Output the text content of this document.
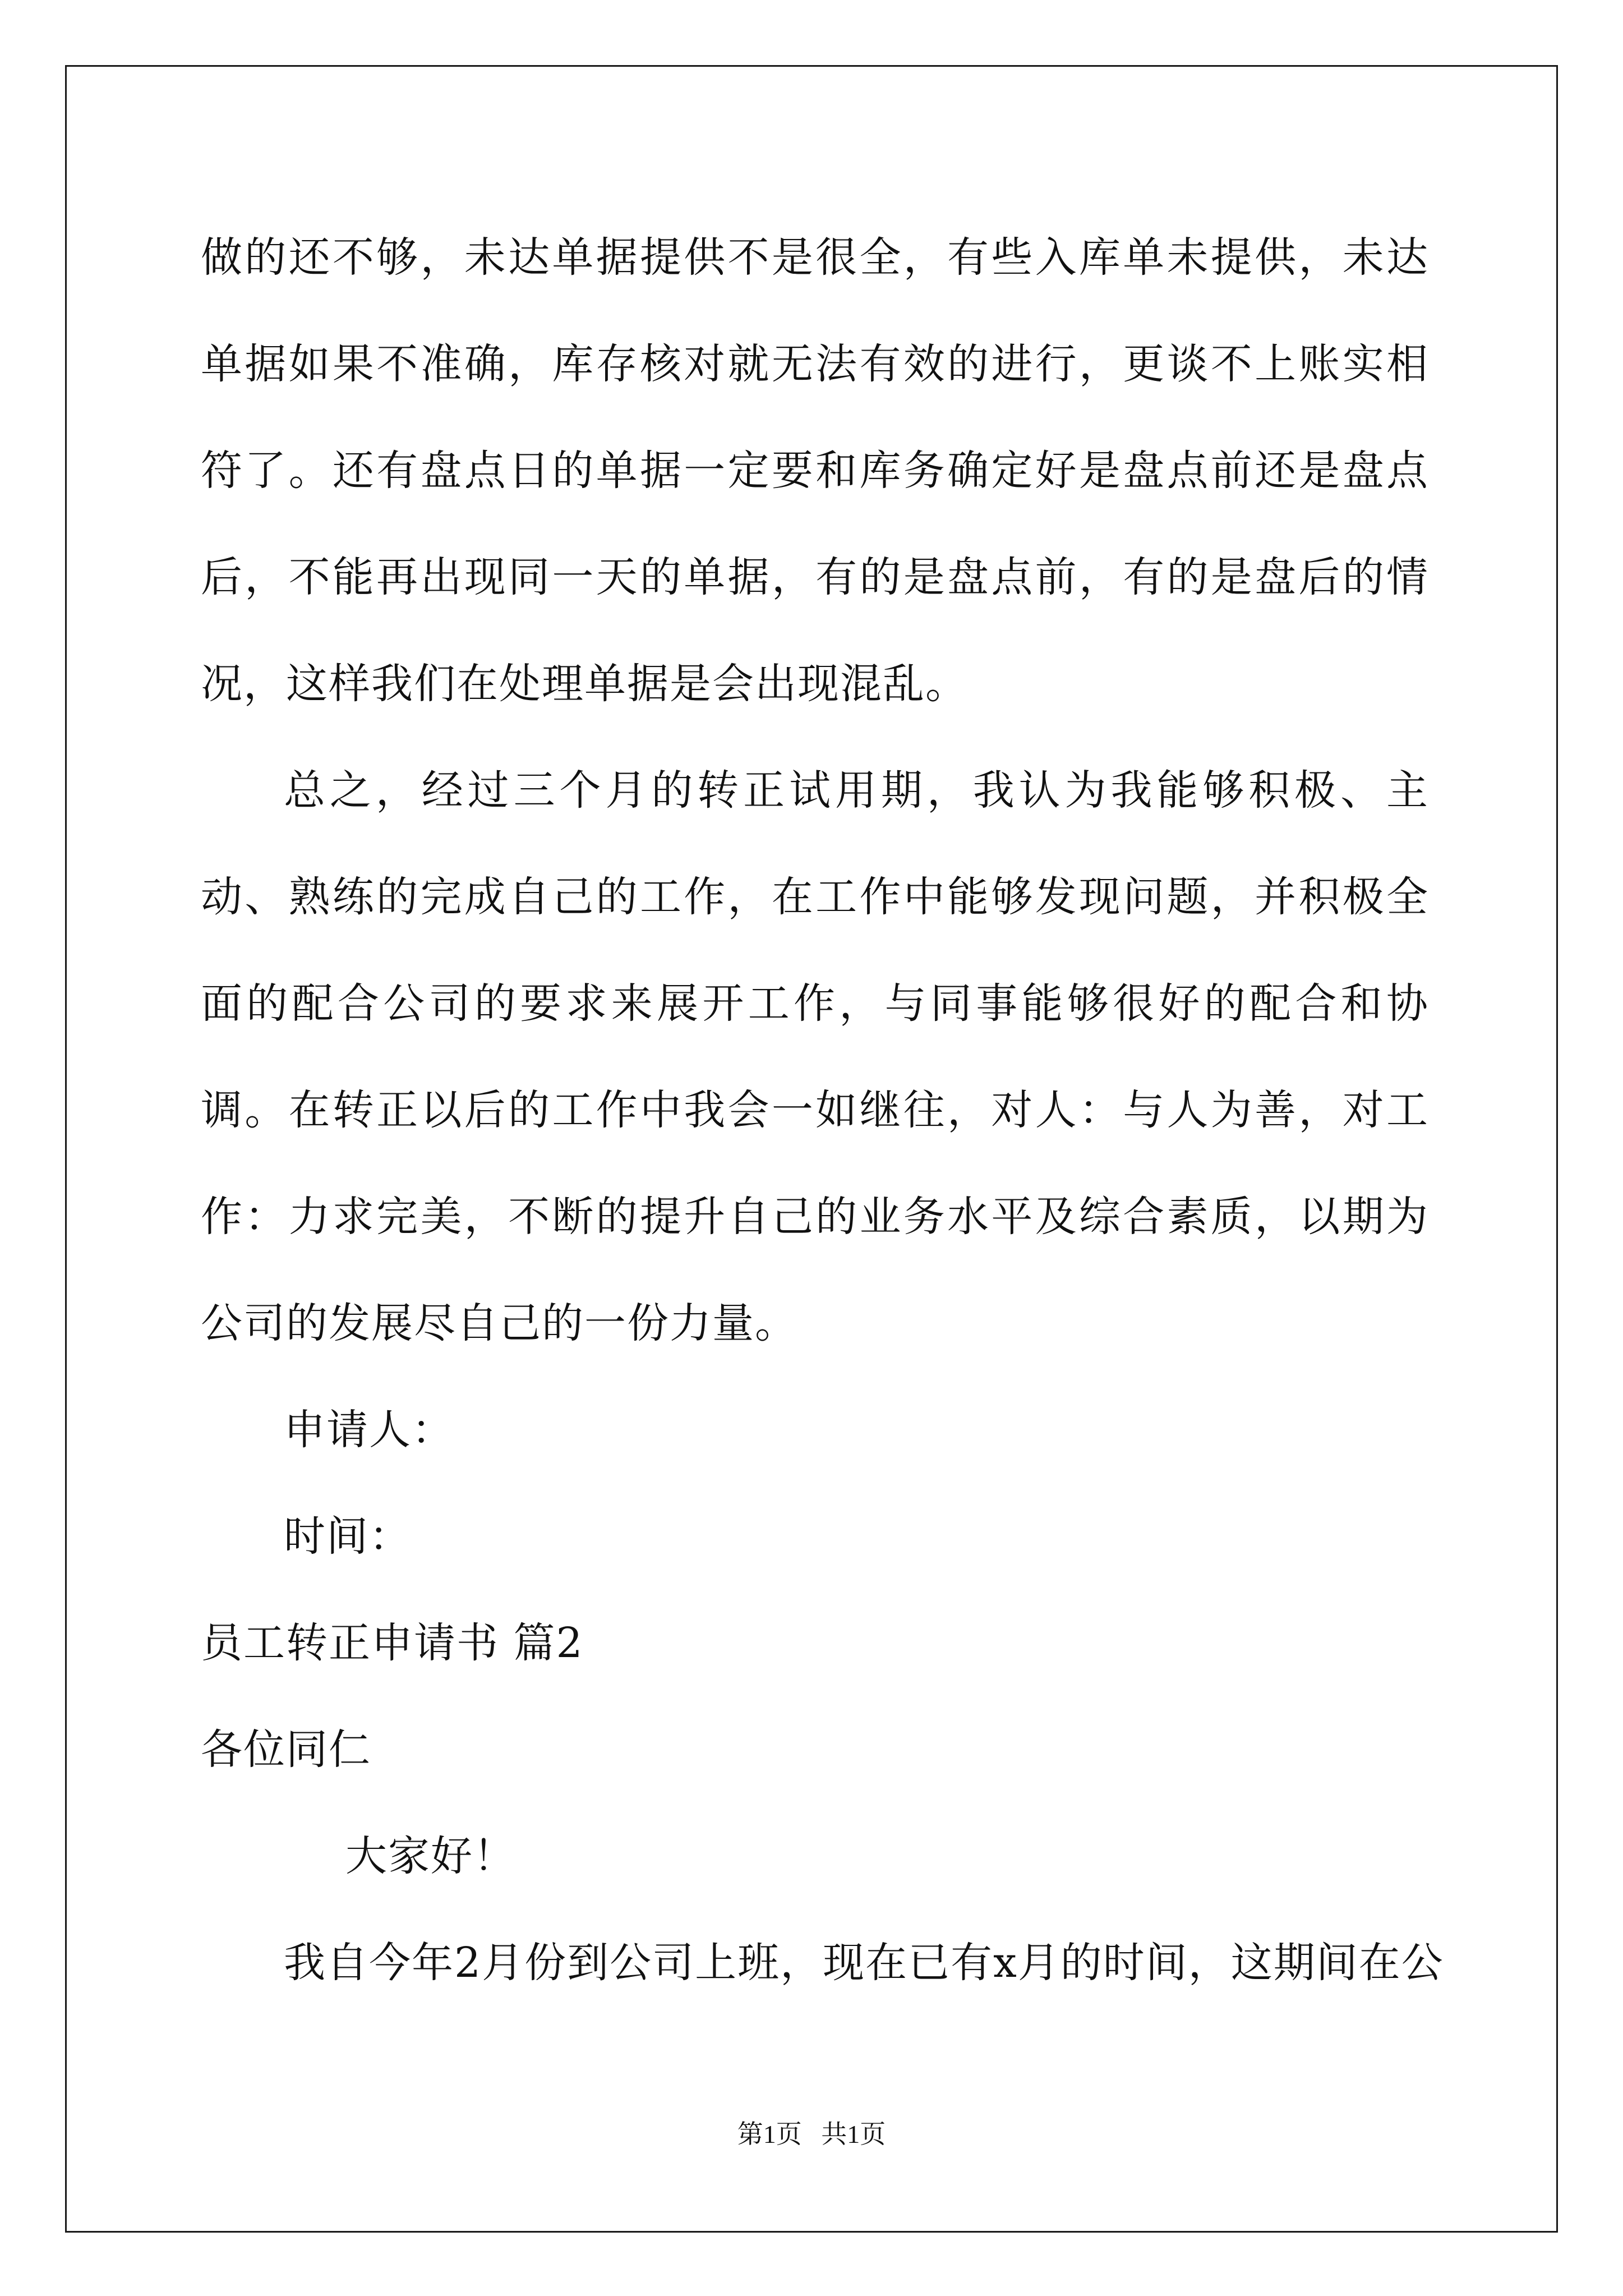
做的还不够，未达单据提供不是很全，有些入库单未提供，未达单据如果不准确，库存核对就无法有效的进行，更谈不上账实相符了。还有盘点日的单据一定要和库务确定好是盘点前还是盘点后，不能再出现同一天的单据，有的是盘点前，有的是盘后的情况，这样我们在处理单据是会出现混乱。

总之，经过三个月的转正试用期，我认为我能够积极、主动、熟练的完成自己的工作，在工作中能够发现问题，并积极全面的配合公司的要求来展开工作，与同事能够很好的配合和协调。在转正以后的工作中我会一如继往，对人：与人为善，对工作：力求完美，不断的提升自己的业务水平及综合素质，以期为公司的发展尽自己的一份力量。

申请人：

时间：

员工转正申请书 篇2

各位同仁

大家好！

我自今年2月份到公司上班，现在已有x月的时间，这期间在公

第1页   共1页
